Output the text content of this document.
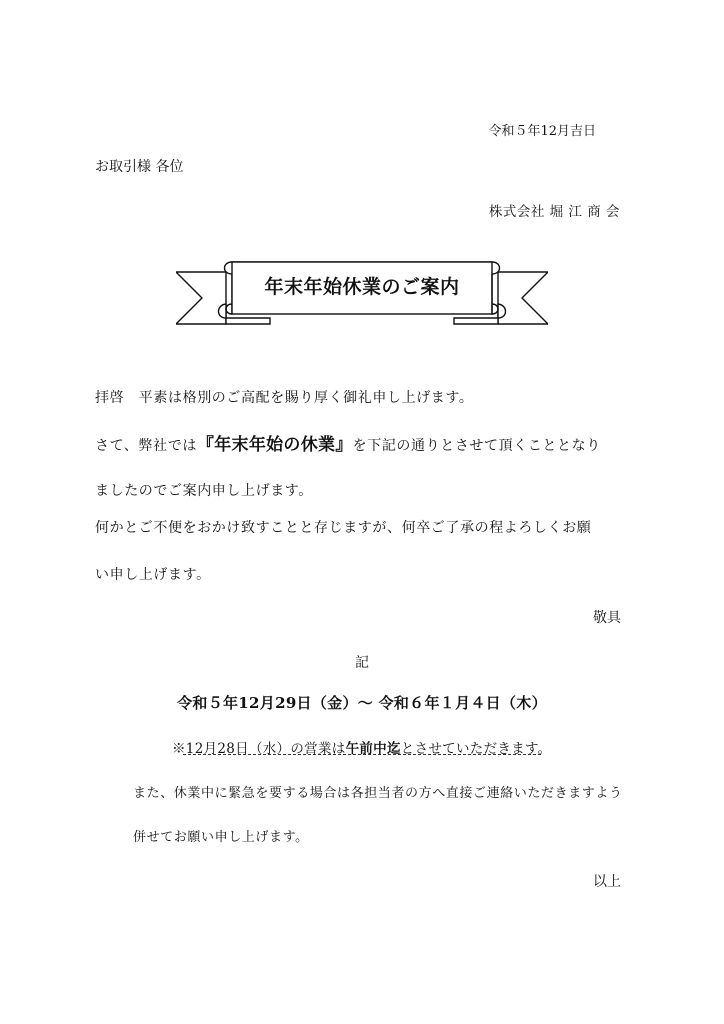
令和５年12月吉日
お取引様 各位
株式会社 堀 江 商 会
年末年始休業のご案内
拝啓　平素は格別のご高配を賜り厚く御礼申し上げます。
さて、弊社では『年末年始の休業』を下記の通りとさせて頂くこととなり
ましたのでご案内申し上げます。
何かとご不便をおかけ致すことと存じますが、何卒ご了承の程よろしくお願
い申し上げます。
敬具
記
令和５年12月29日（金）～ 令和６年１月４日（木）
※12月28日（水）の営業は午前中迄とさせていただきます。
また、休業中に緊急を要する場合は各担当者の方へ直接ご連絡いただきますよう
併せてお願い申し上げます。
以上
